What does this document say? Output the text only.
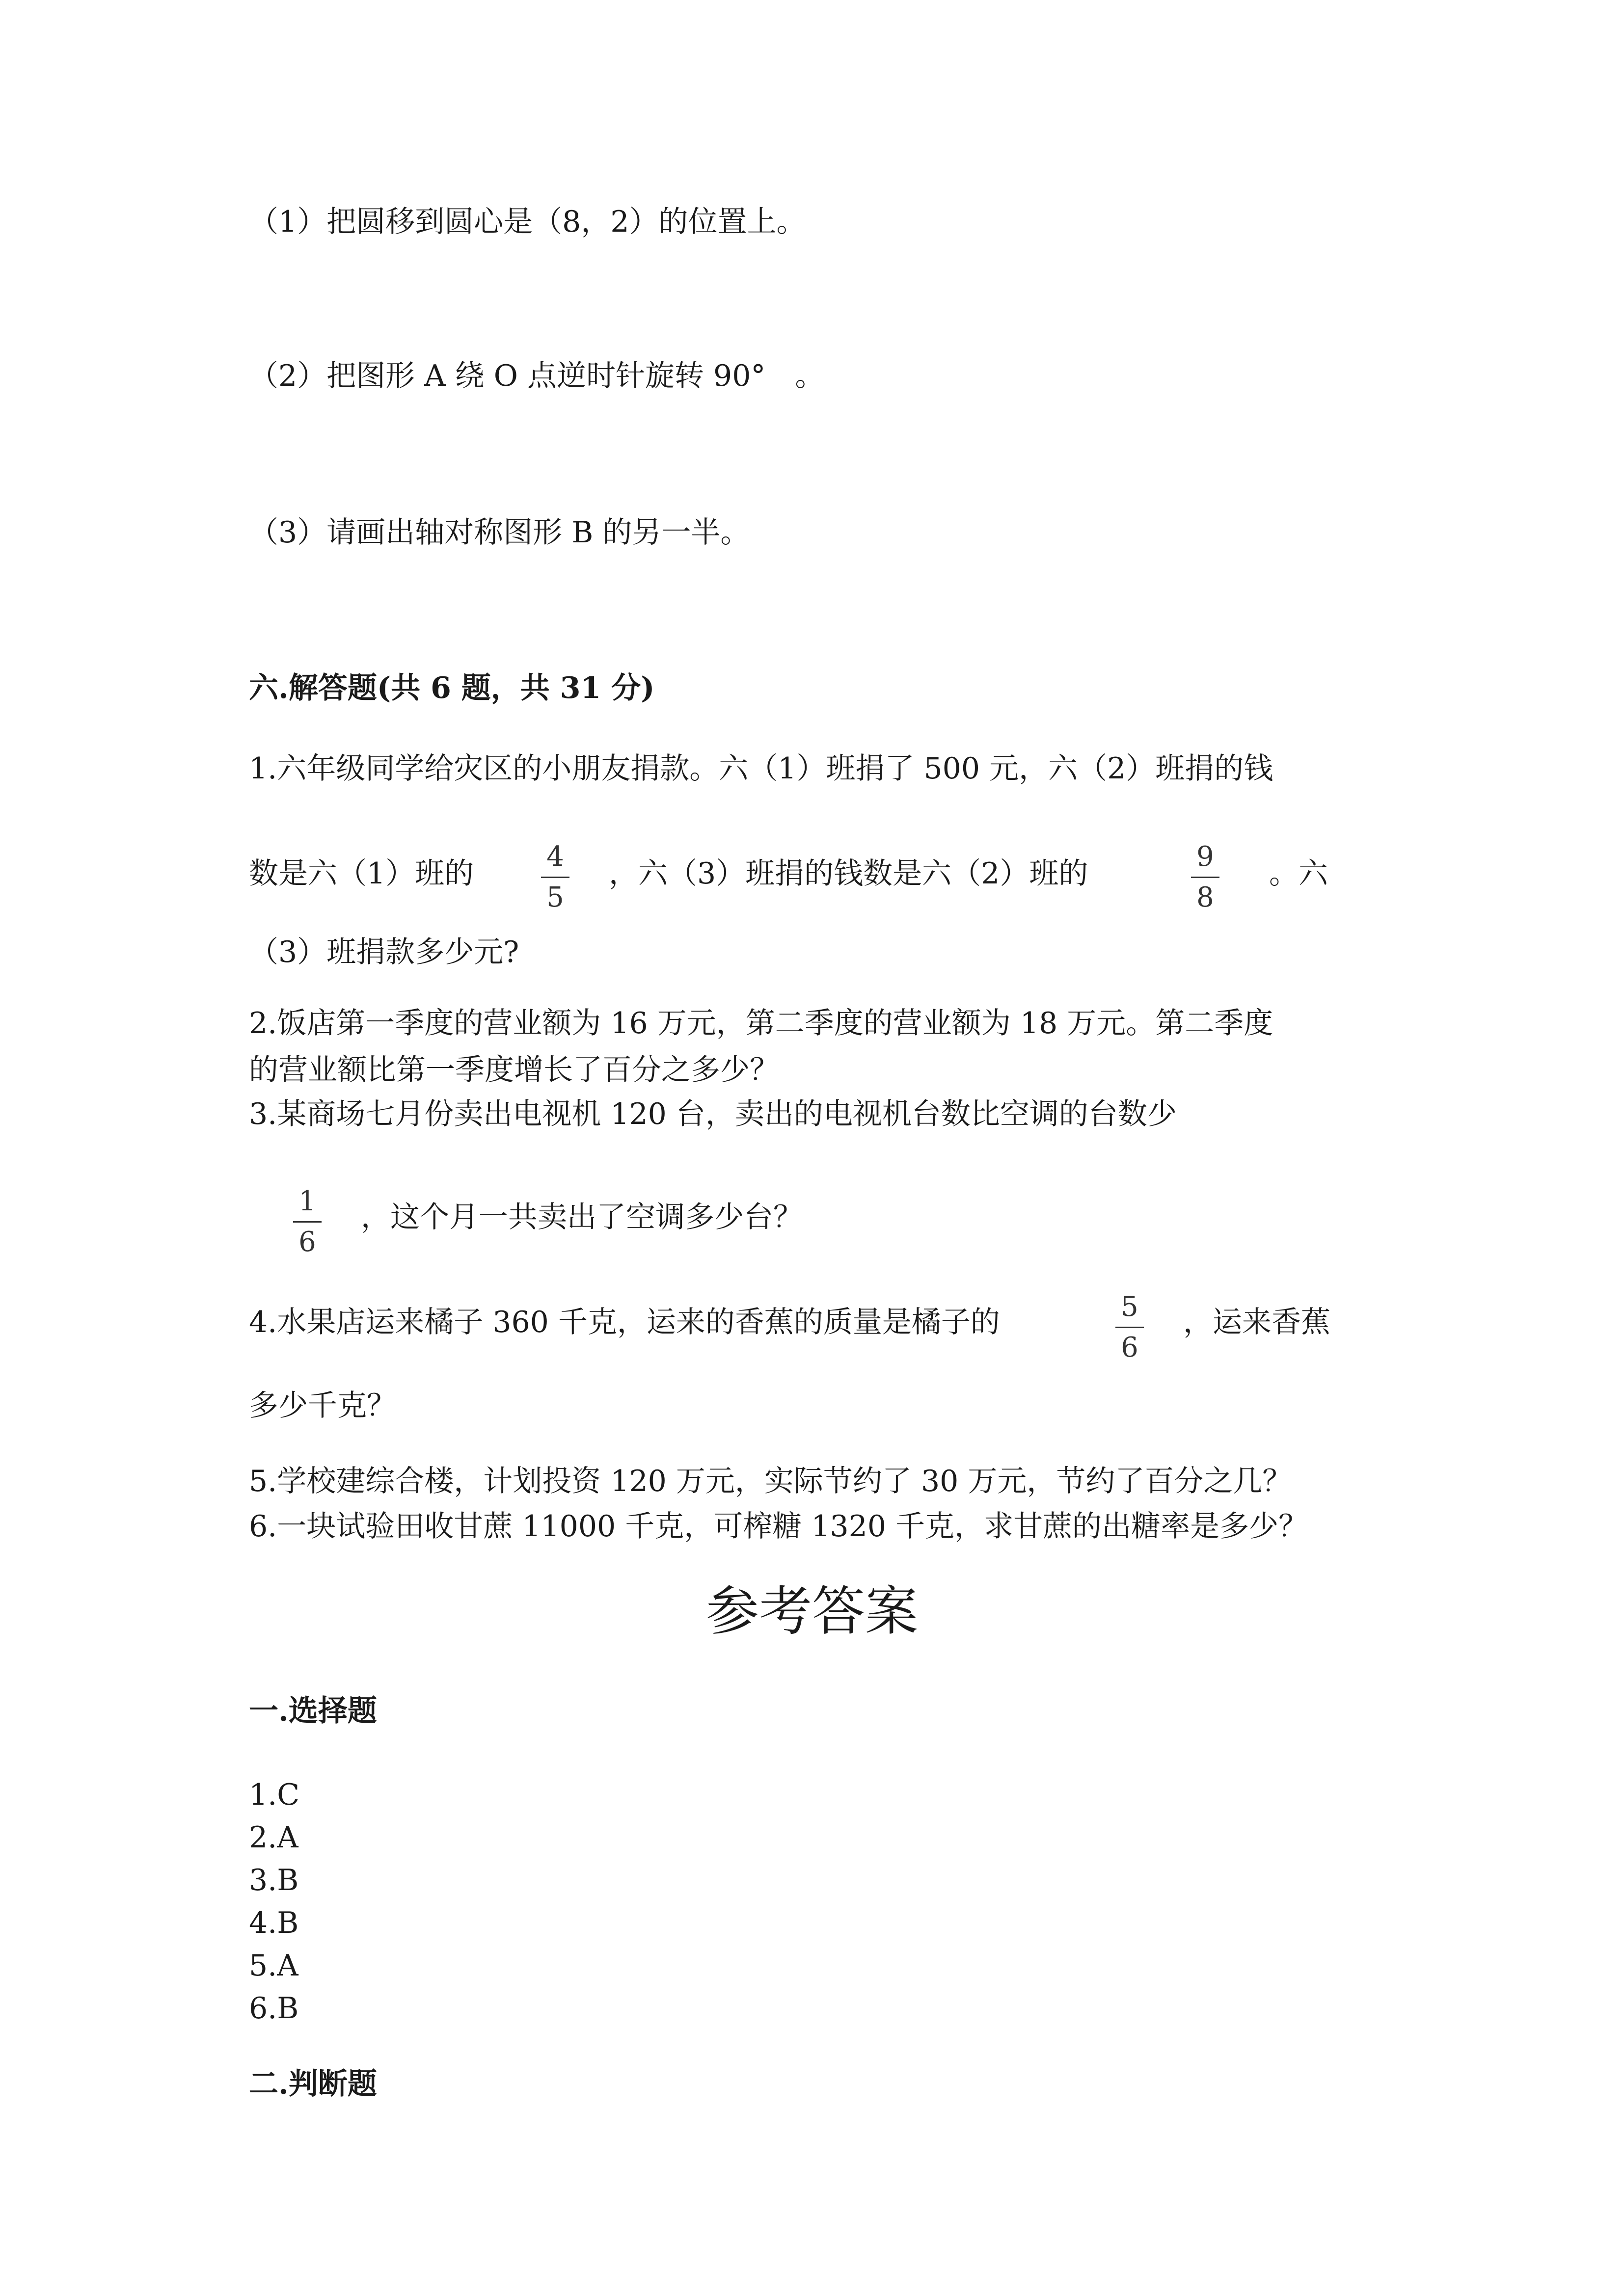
（1）把圆移到圆心是（8，2）的位置上。
（2）把图形 A 绕 O 点逆时针旋转 90°　。
（3）请画出轴对称图形 B 的另一半。
六.解答题(共 6 题，共 31 分)
1.六年级同学给灾区的小朋友捐款。六（1）班捐了 500 元，六（2）班捐的钱
数是六（1）班的	4
5
，六（3）班捐的钱数是六（2）班的	9
8
。六
（3）班捐款多少元?
2.饭店第一季度的营业额为 16 万元，第二季度的营业额为 18 万元。第二季度
的营业额比第一季度增长了百分之多少？
3.某商场七月份卖出电视机 120 台，卖出的电视机台数比空调的台数少
1
6
，这个月一共卖出了空调多少台？
4.水果店运来橘子 360 千克，运来的香蕉的质量是橘子的	5
6
，运来香蕉
多少千克？
5.学校建综合楼，计划投资 120 万元，实际节约了 30 万元，节约了百分之几？
6.一块试验田收甘蔗 11000 千克，可榨糖 1320 千克，求甘蔗的出糖率是多少？
参考答案
一.选择题
1.C
2.A
3.B
4.B
5.A
6.B
二.判断题
